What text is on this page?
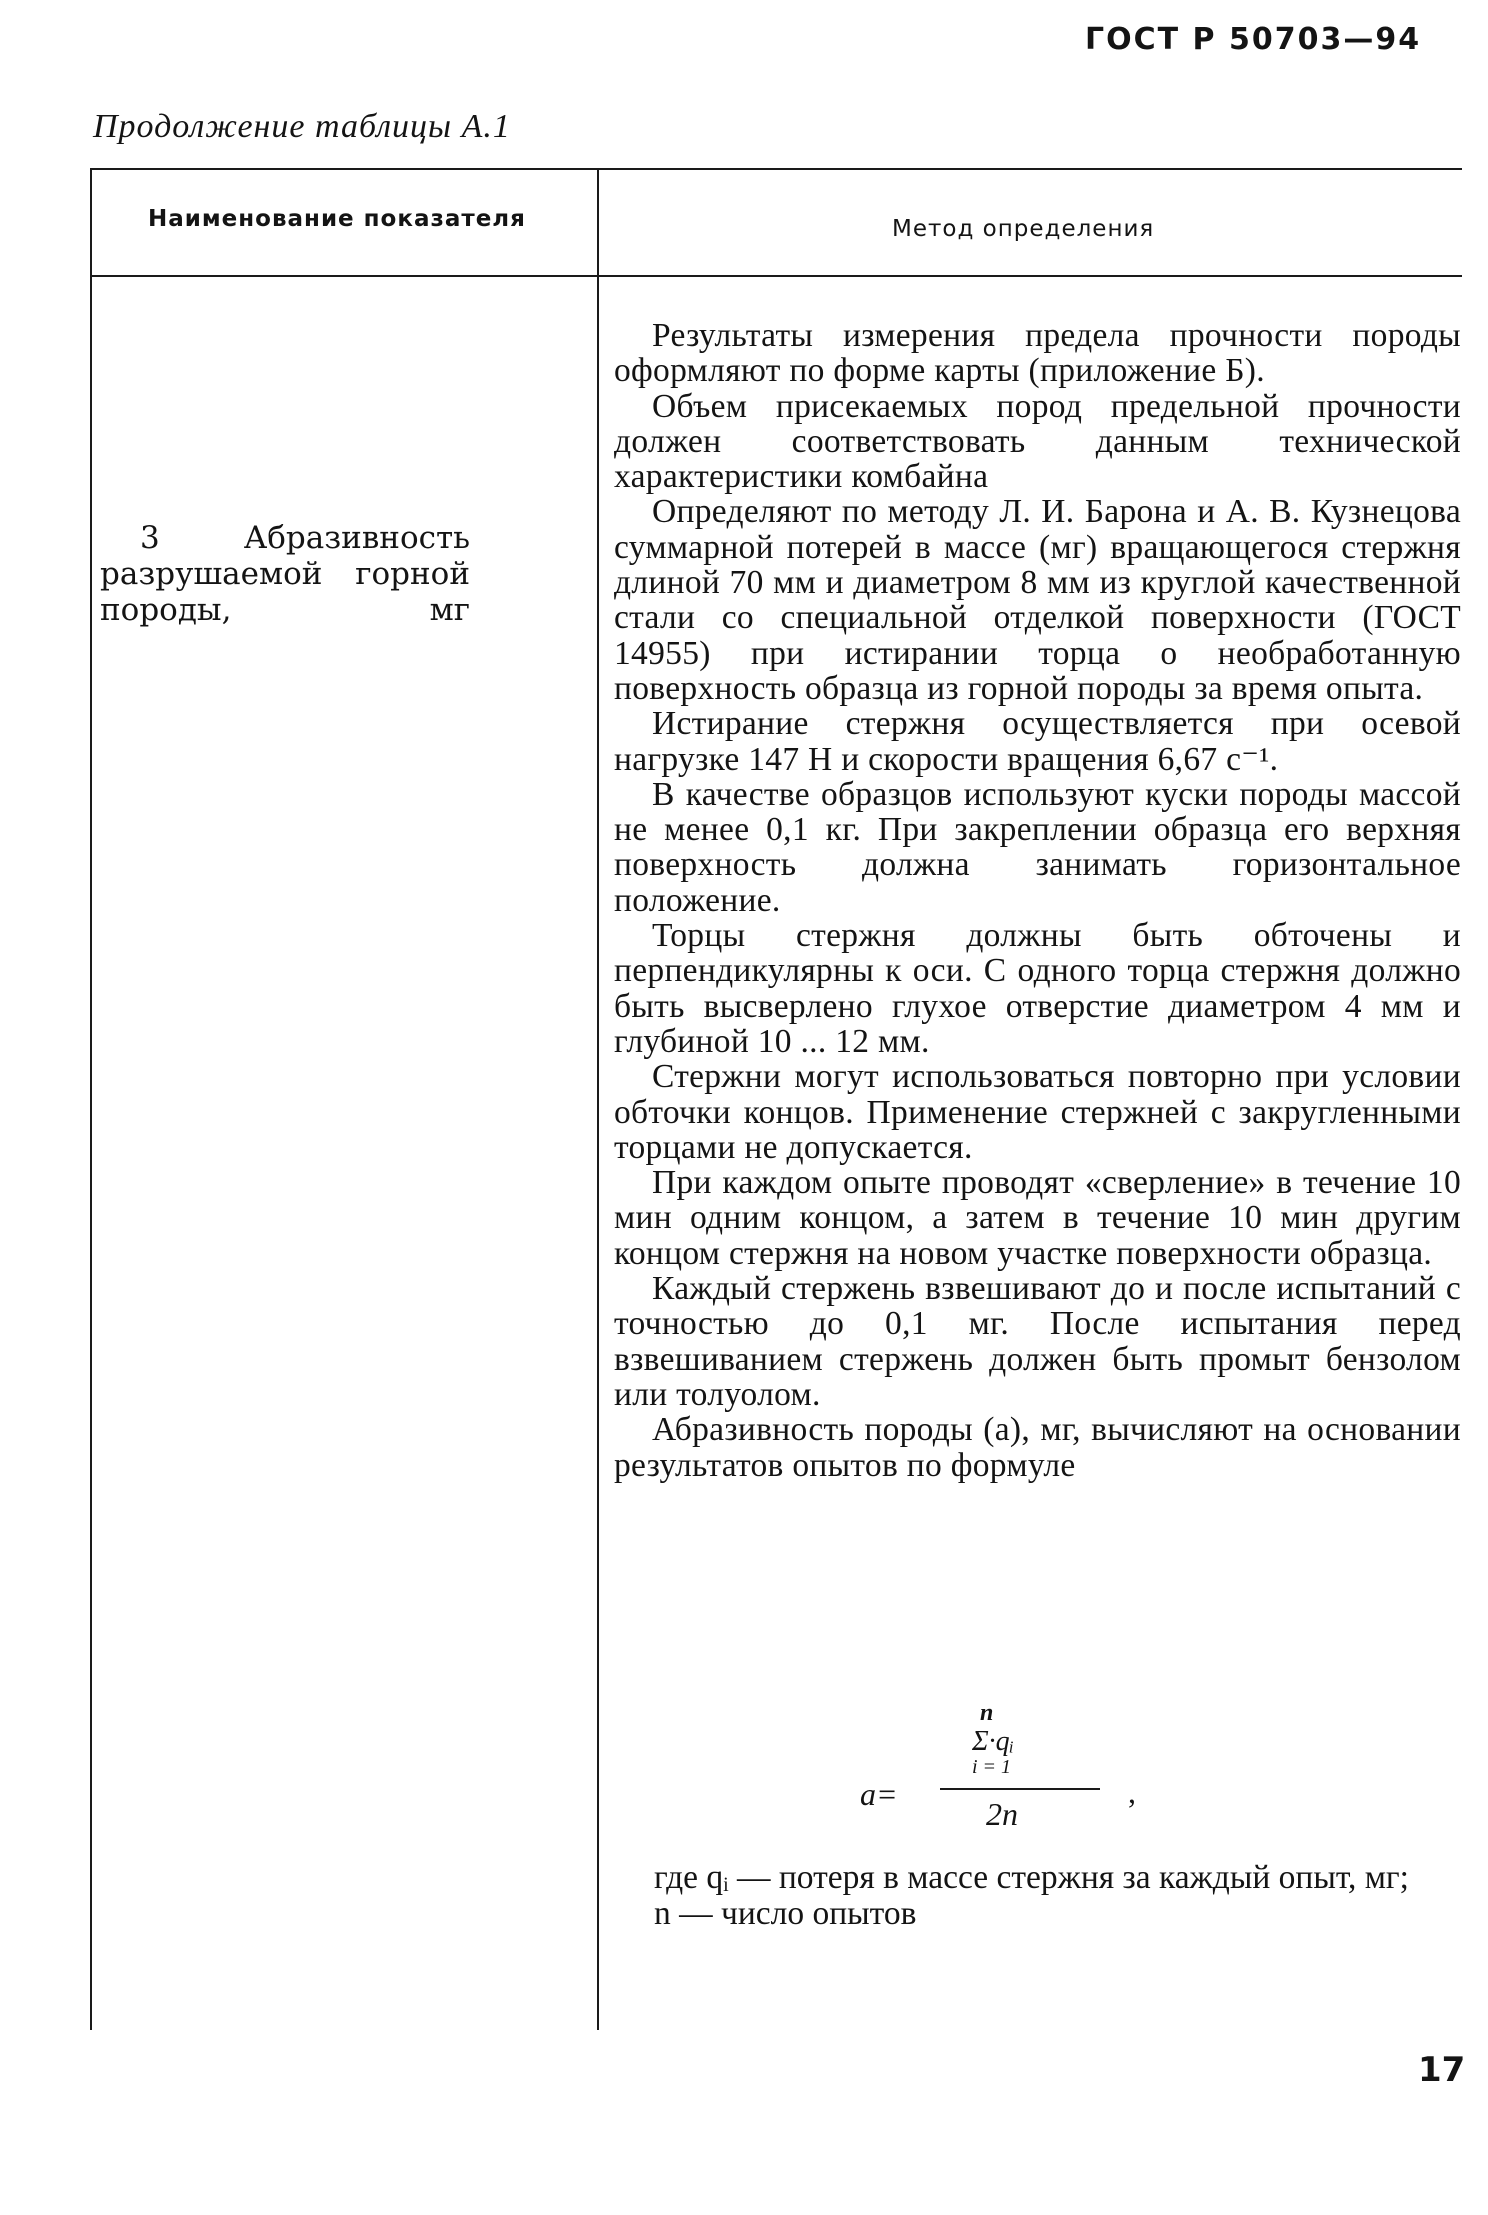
ГОСТ Р 50703—94
Продолжение таблицы А.1
Наименование показателя	Метод определения

3 Абразивность разрушаемой горной породы, мг

Результаты измерения предела прочности породы оформляют по форме карты (приложение Б).

Объем присекаемых пород предельной прочности должен соответствовать данным технической характеристики комбайна

Определяют по методу Л. И. Барона и А. В. Кузнецова суммарной потерей в массе (мг) вращающегося стержня длиной 70 мм и диаметром 8 мм из круглой качественной стали со специальной отделкой поверхности (ГОСТ 14955) при истирании торца о необработанную поверхность образца из горной породы за время опыта.

Истирание стержня осуществляется при осевой нагрузке 147 Н и скорости вращения 6,67 с⁻¹.

В качестве образцов используют куски породы массой не менее 0,1 кг. При закреплении образца его верхняя поверхность должна занимать горизонтальное положение.

Торцы стержня должны быть обточены и перпендикулярны к оси. С одного торца стержня должно быть высверлено глухое отверстие диаметром 4 мм и глубиной 10 ... 12 мм.

Стержни могут использоваться повторно при условии обточки концов. Применение стержней с закругленными торцами не допускается.

При каждом опыте проводят «сверление» в течение 10 мин одним концом, а затем в течение 10 мин другим концом стержня на новом участке поверхности образца.

Каждый стержень взвешивают до и после испытаний с точностью до 0,1 мг. После испытания перед взвешиванием стержень должен быть промыт бензолом или толуолом.

Абразивность породы (a), мг, вычисляют на основании результатов опытов по формуле

a=
n
Σ·qᵢ
i = 1
2n
,

где qᵢ — потеря в массе стержня за каждый опыт, мг;

n — число опытов

17
